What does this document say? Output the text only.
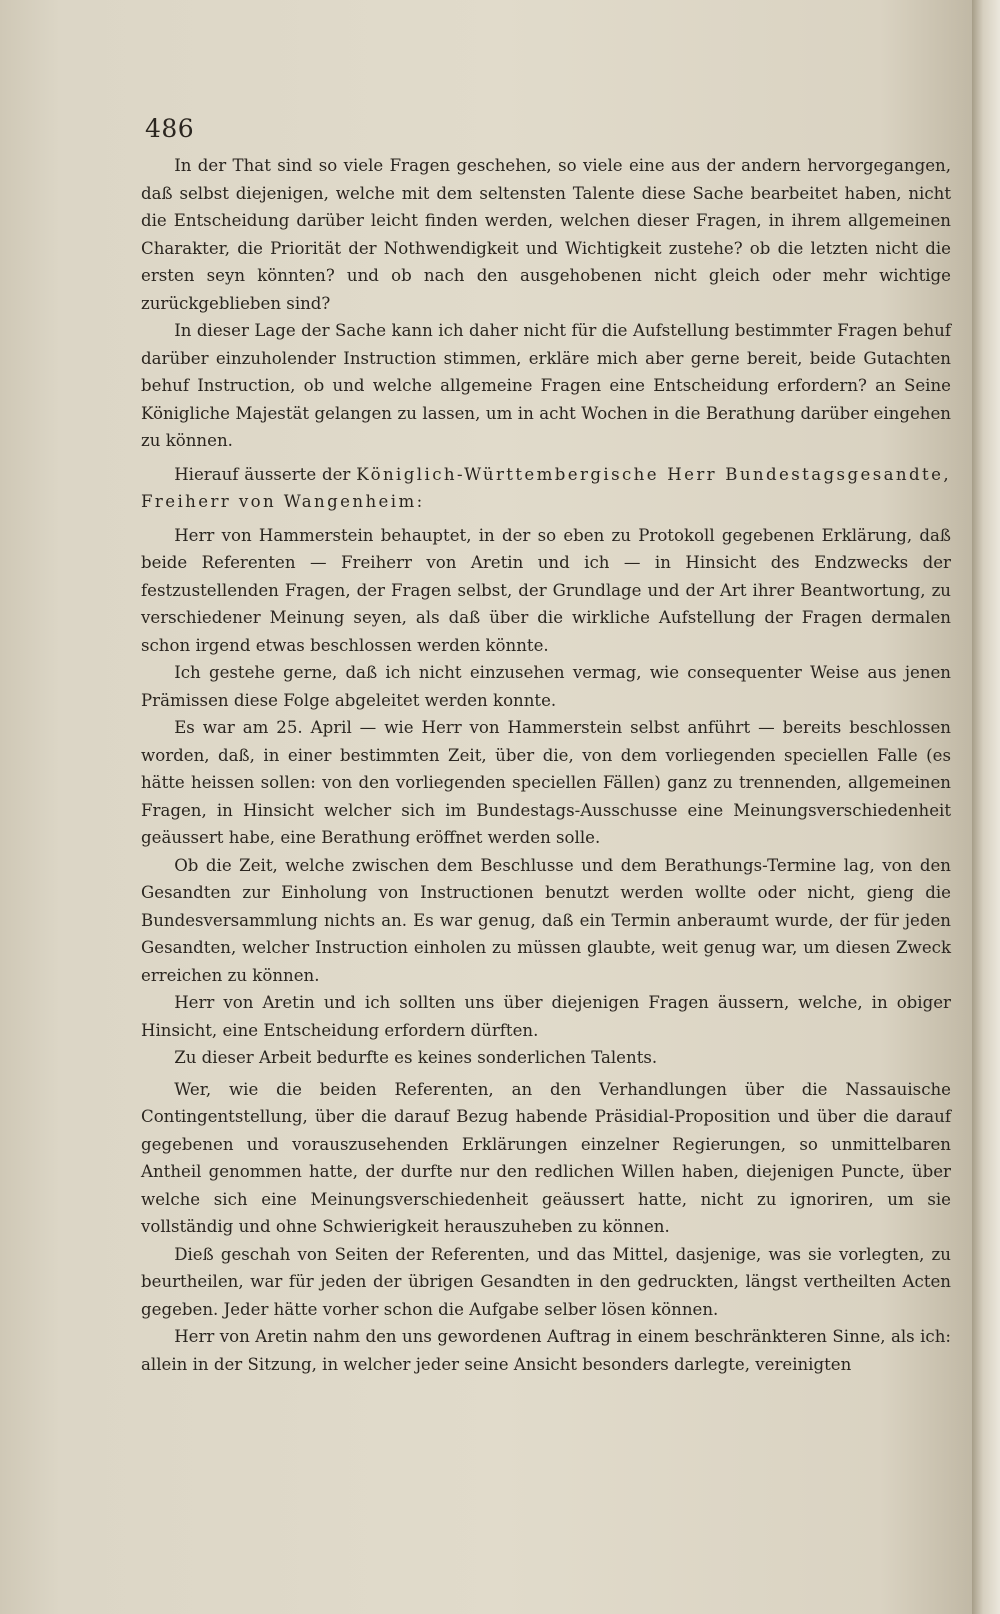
486

In der That sind so viele Fragen geschehen, so viele eine aus der andern hervorgegangen, daß selbst diejenigen, welche mit dem seltensten Talente diese Sache bearbeitet haben, nicht die Entscheidung darüber leicht finden werden, welchen dieser Fragen, in ihrem allgemeinen Charakter, die Priorität der Nothwendigkeit und Wichtigkeit zustehe? ob die letzten nicht die ersten seyn könnten? und ob nach den ausgehobenen nicht gleich oder mehr wichtige zurückgeblieben sind?

In dieser Lage der Sache kann ich daher nicht für die Aufstellung bestimmter Fragen behuf darüber einzuholender Instruction stimmen, erkläre mich aber gerne bereit, beide Gutachten behuf Instruction, ob und welche allgemeine Fragen eine Entscheidung erfordern? an Seine Königliche Majestät gelangen zu lassen, um in acht Wochen in die Berathung darüber eingehen zu können.

Hierauf äusserte der Königlich-Württembergische Herr Bundestagsgesandte, Freiherr von Wangenheim:

Herr von Hammerstein behauptet, in der so eben zu Protokoll gegebenen Erklärung, daß beide Referenten — Freiherr von Aretin und ich — in Hinsicht des Endzwecks der festzustellenden Fragen, der Fragen selbst, der Grundlage und der Art ihrer Beantwortung, zu verschiedener Meinung seyen, als daß über die wirkliche Aufstellung der Fragen dermalen schon irgend etwas beschlossen werden könnte.

Ich gestehe gerne, daß ich nicht einzusehen vermag, wie consequenter Weise aus jenen Prämissen diese Folge abgeleitet werden konnte.

Es war am 25. April — wie Herr von Hammerstein selbst anführt — bereits beschlossen worden, daß, in einer bestimmten Zeit, über die, von dem vorliegenden speciellen Falle (es hätte heissen sollen: von den vorliegenden speciellen Fällen) ganz zu trennenden, allgemeinen Fragen, in Hinsicht welcher sich im Bundestags-Ausschusse eine Meinungsverschiedenheit geäussert habe, eine Berathung eröffnet werden solle.

Ob die Zeit, welche zwischen dem Beschlusse und dem Berathungs-Termine lag, von den Gesandten zur Einholung von Instructionen benutzt werden wollte oder nicht, gieng die Bundesversammlung nichts an. Es war genug, daß ein Termin anberaumt wurde, der für jeden Gesandten, welcher Instruction einholen zu müssen glaubte, weit genug war, um diesen Zweck erreichen zu können.

Herr von Aretin und ich sollten uns über diejenigen Fragen äussern, welche, in obiger Hinsicht, eine Entscheidung erfordern dürften.

Zu dieser Arbeit bedurfte es keines sonderlichen Talents.

Wer, wie die beiden Referenten, an den Verhandlungen über die Nassauische Contingentstellung, über die darauf Bezug habende Präsidial-Proposition und über die darauf gegebenen und vorauszusehenden Erklärungen einzelner Regierungen, so unmittelbaren Antheil genommen hatte, der durfte nur den redlichen Willen haben, diejenigen Puncte, über welche sich eine Meinungsverschiedenheit geäussert hatte, nicht zu ignoriren, um sie vollständig und ohne Schwierigkeit herauszuheben zu können.

Dieß geschah von Seiten der Referenten, und das Mittel, dasjenige, was sie vorlegten, zu beurtheilen, war für jeden der übrigen Gesandten in den gedruckten, längst vertheilten Acten gegeben. Jeder hätte vorher schon die Aufgabe selber lösen können.

Herr von Aretin nahm den uns gewordenen Auftrag in einem beschränkteren Sinne, als ich: allein in der Sitzung, in welcher jeder seine Ansicht besonders darlegte, vereinigten
